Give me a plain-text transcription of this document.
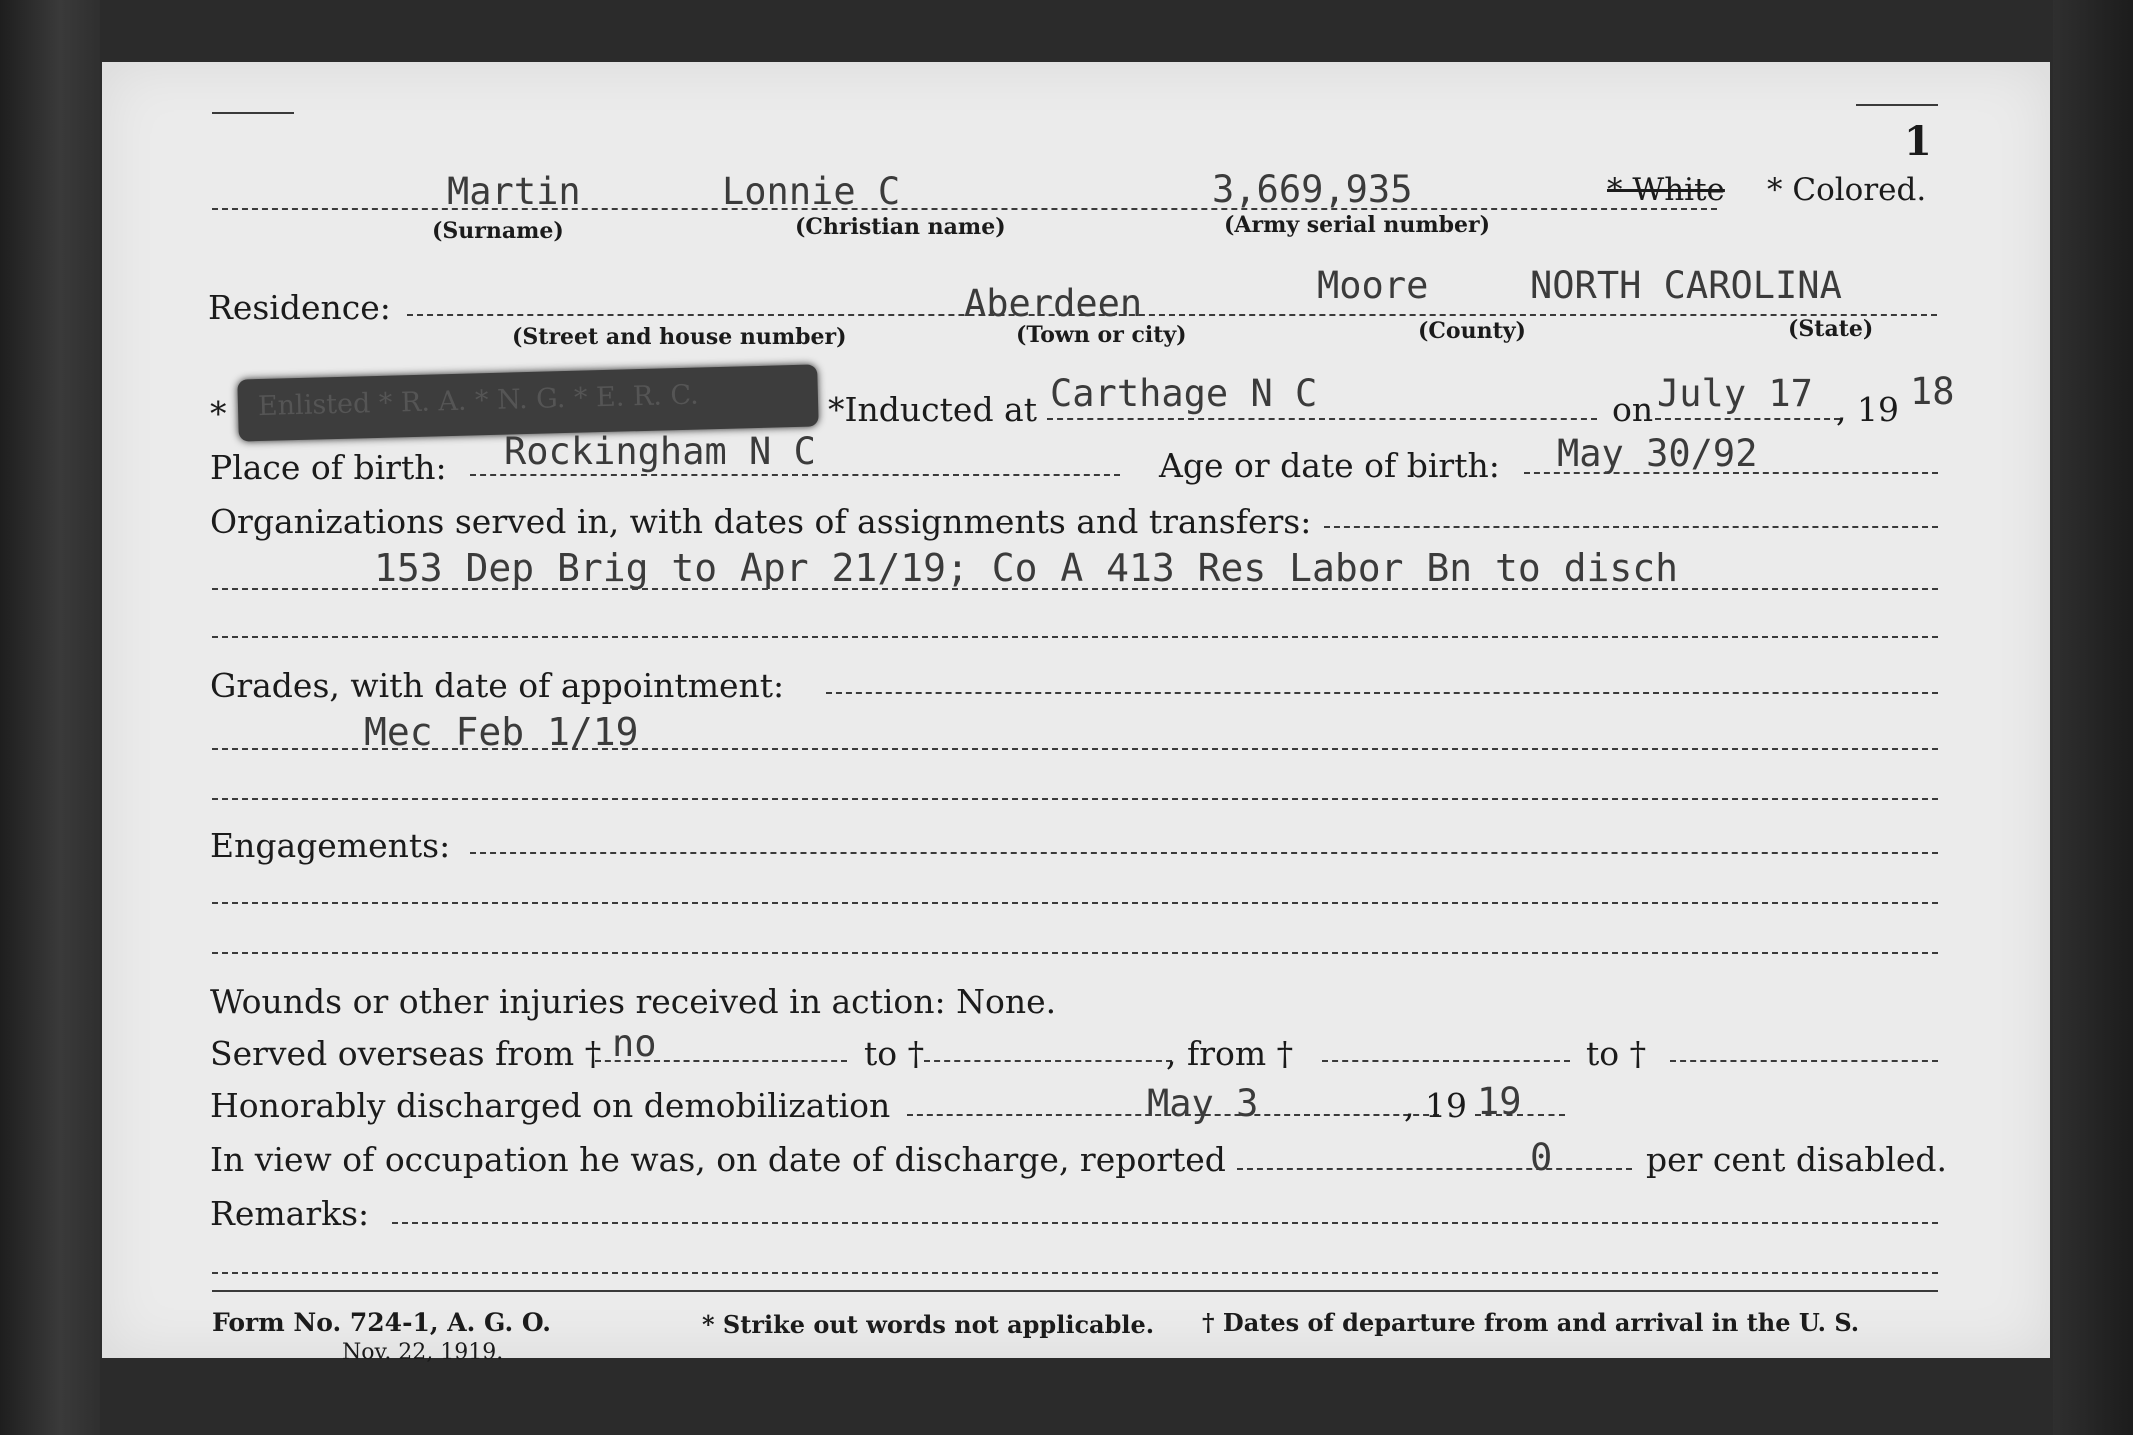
1
Martin	Lonnie C	3,669,935	* White * Colored.
(Surname)	(Christian name)	(Army serial number)
Residence:	Aberdeen	Moore	NORTH CAROLINA
(Street and house number)	(Town or city)	(County)	(State)
* Enlisted * R. A. * N. G. * E. R. C.	*Inducted at Carthage N C	on July 17 , 19 18
Place of birth: Rockingham N C	Age or date of birth: May 30/92
Organizations served in, with dates of assignments and transfers:
153 Dep Brig to Apr 21/19; Co A 413 Res Labor Bn to disch
Grades, with date of appointment:
Mec Feb 1/19
Engagements:
Wounds or other injuries received in action: None.
Served overseas from † no	to †	, from †	to †
Honorably discharged on demobilization	May 3	, 19 19
In view of occupation he was, on date of discharge, reported	0	per cent disabled.
Remarks:
Form No. 724-1, A. G. O.
Nov. 22, 1919.
* Strike out words not applicable. † Dates of departure from and arrival in the U. S.
